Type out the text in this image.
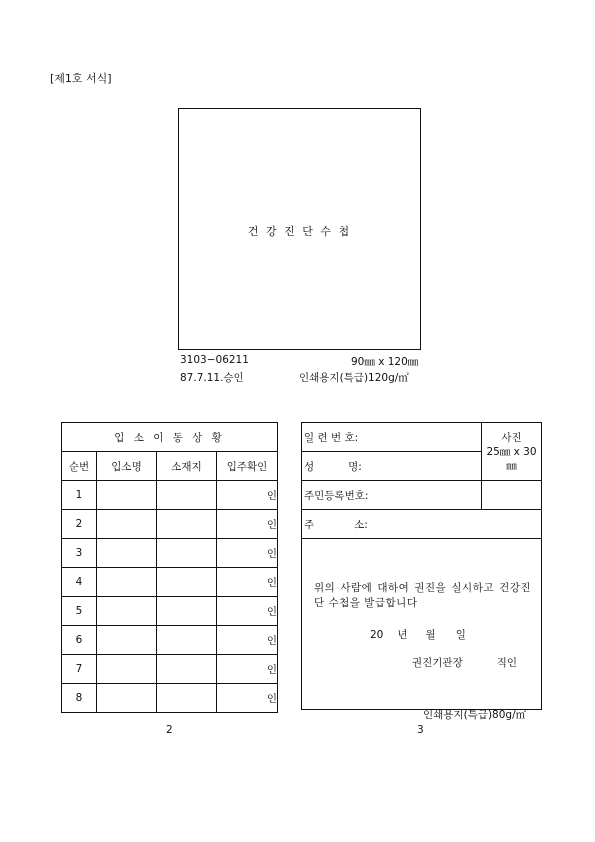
[제1호 서식]
건 강 진 단 수 첩
3103−06211	90㎜ x 120㎜
87.7.11.승인	인쇄용지(특급)120g/㎡
입 소 이 동 상 황			
순번	입소명	소재지	입주확인
1			인
2			인
3			인
4			인
5			인
6			인
7			인
8			인
일 련 번 호:	사진
25㎜ x 30㎜

성 명:	
주민등록번호:	
주 소:	

위의 사람에 대하여 권진을 실시하고 건강진단 수첩을 발급합니다
20 년 월 일
권진기관장 직인	
인쇄용지(특급)80g/㎡
2	3
